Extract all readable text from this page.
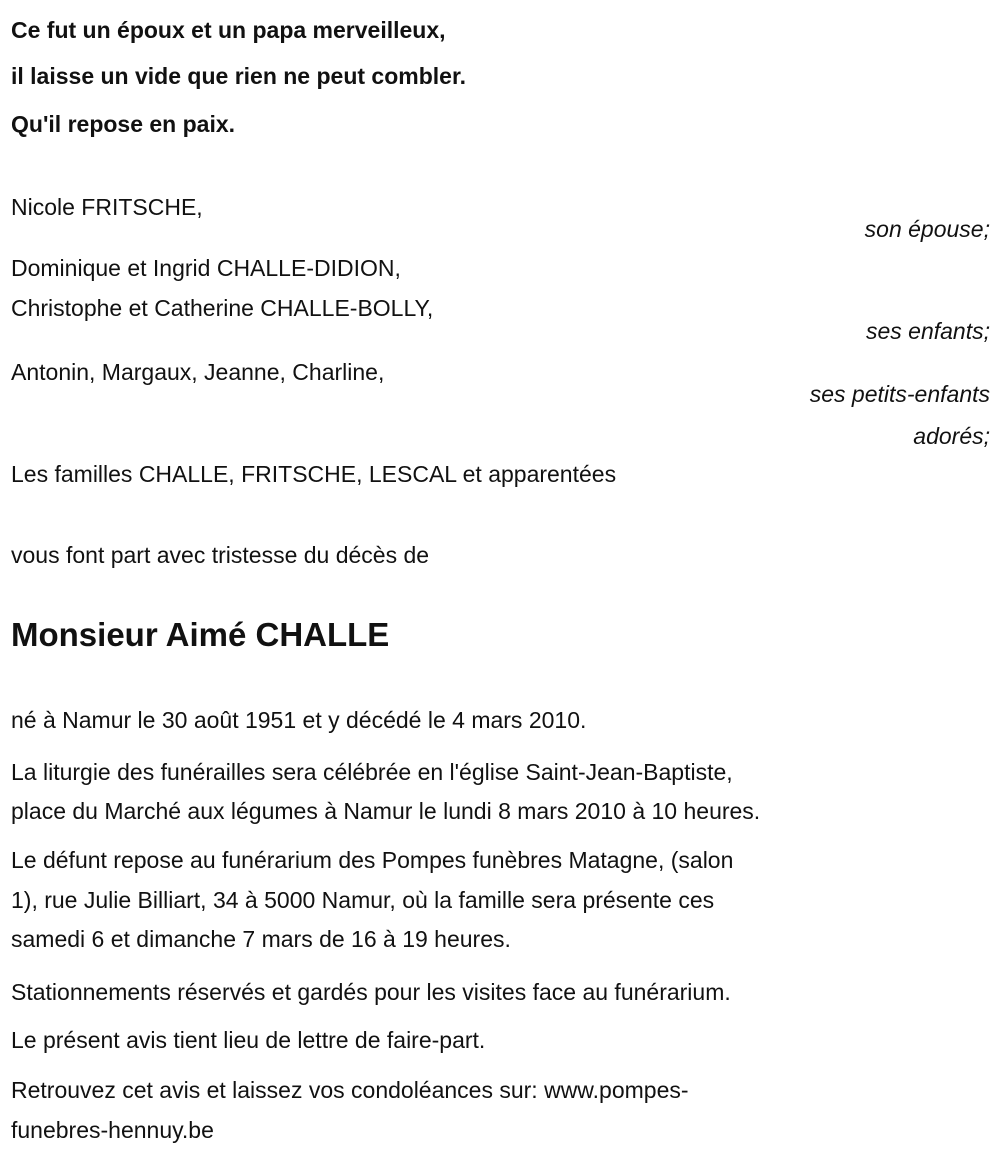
Ce fut un époux et un papa merveilleux,
il laisse un vide que rien ne peut combler.
Qu'il repose en paix.
Nicole FRITSCHE,
son épouse;
Dominique et Ingrid CHALLE-DIDION,
Christophe et Catherine CHALLE-BOLLY,
ses enfants;
Antonin, Margaux, Jeanne, Charline,
ses petits-enfants
adorés;
Les familles CHALLE, FRITSCHE, LESCAL et apparentées
vous font part avec tristesse du décès de
Monsieur Aimé CHALLE
né à Namur le 30 août 1951 et y décédé le 4 mars 2010.
La liturgie des funérailles sera célébrée en l'église Saint-Jean-Baptiste,
place du Marché aux légumes à Namur le lundi 8 mars 2010 à 10 heures.
Le défunt repose au funérarium des Pompes funèbres Matagne, (salon
1), rue Julie Billiart, 34 à 5000 Namur, où la famille sera présente ces
samedi 6 et dimanche 7 mars de 16 à 19 heures.
Stationnements réservés et gardés pour les visites face au funérarium.
Le présent avis tient lieu de lettre de faire-part.
Retrouvez cet avis et laissez vos condoléances sur: www.pompes-
funebres-hennuy.be
